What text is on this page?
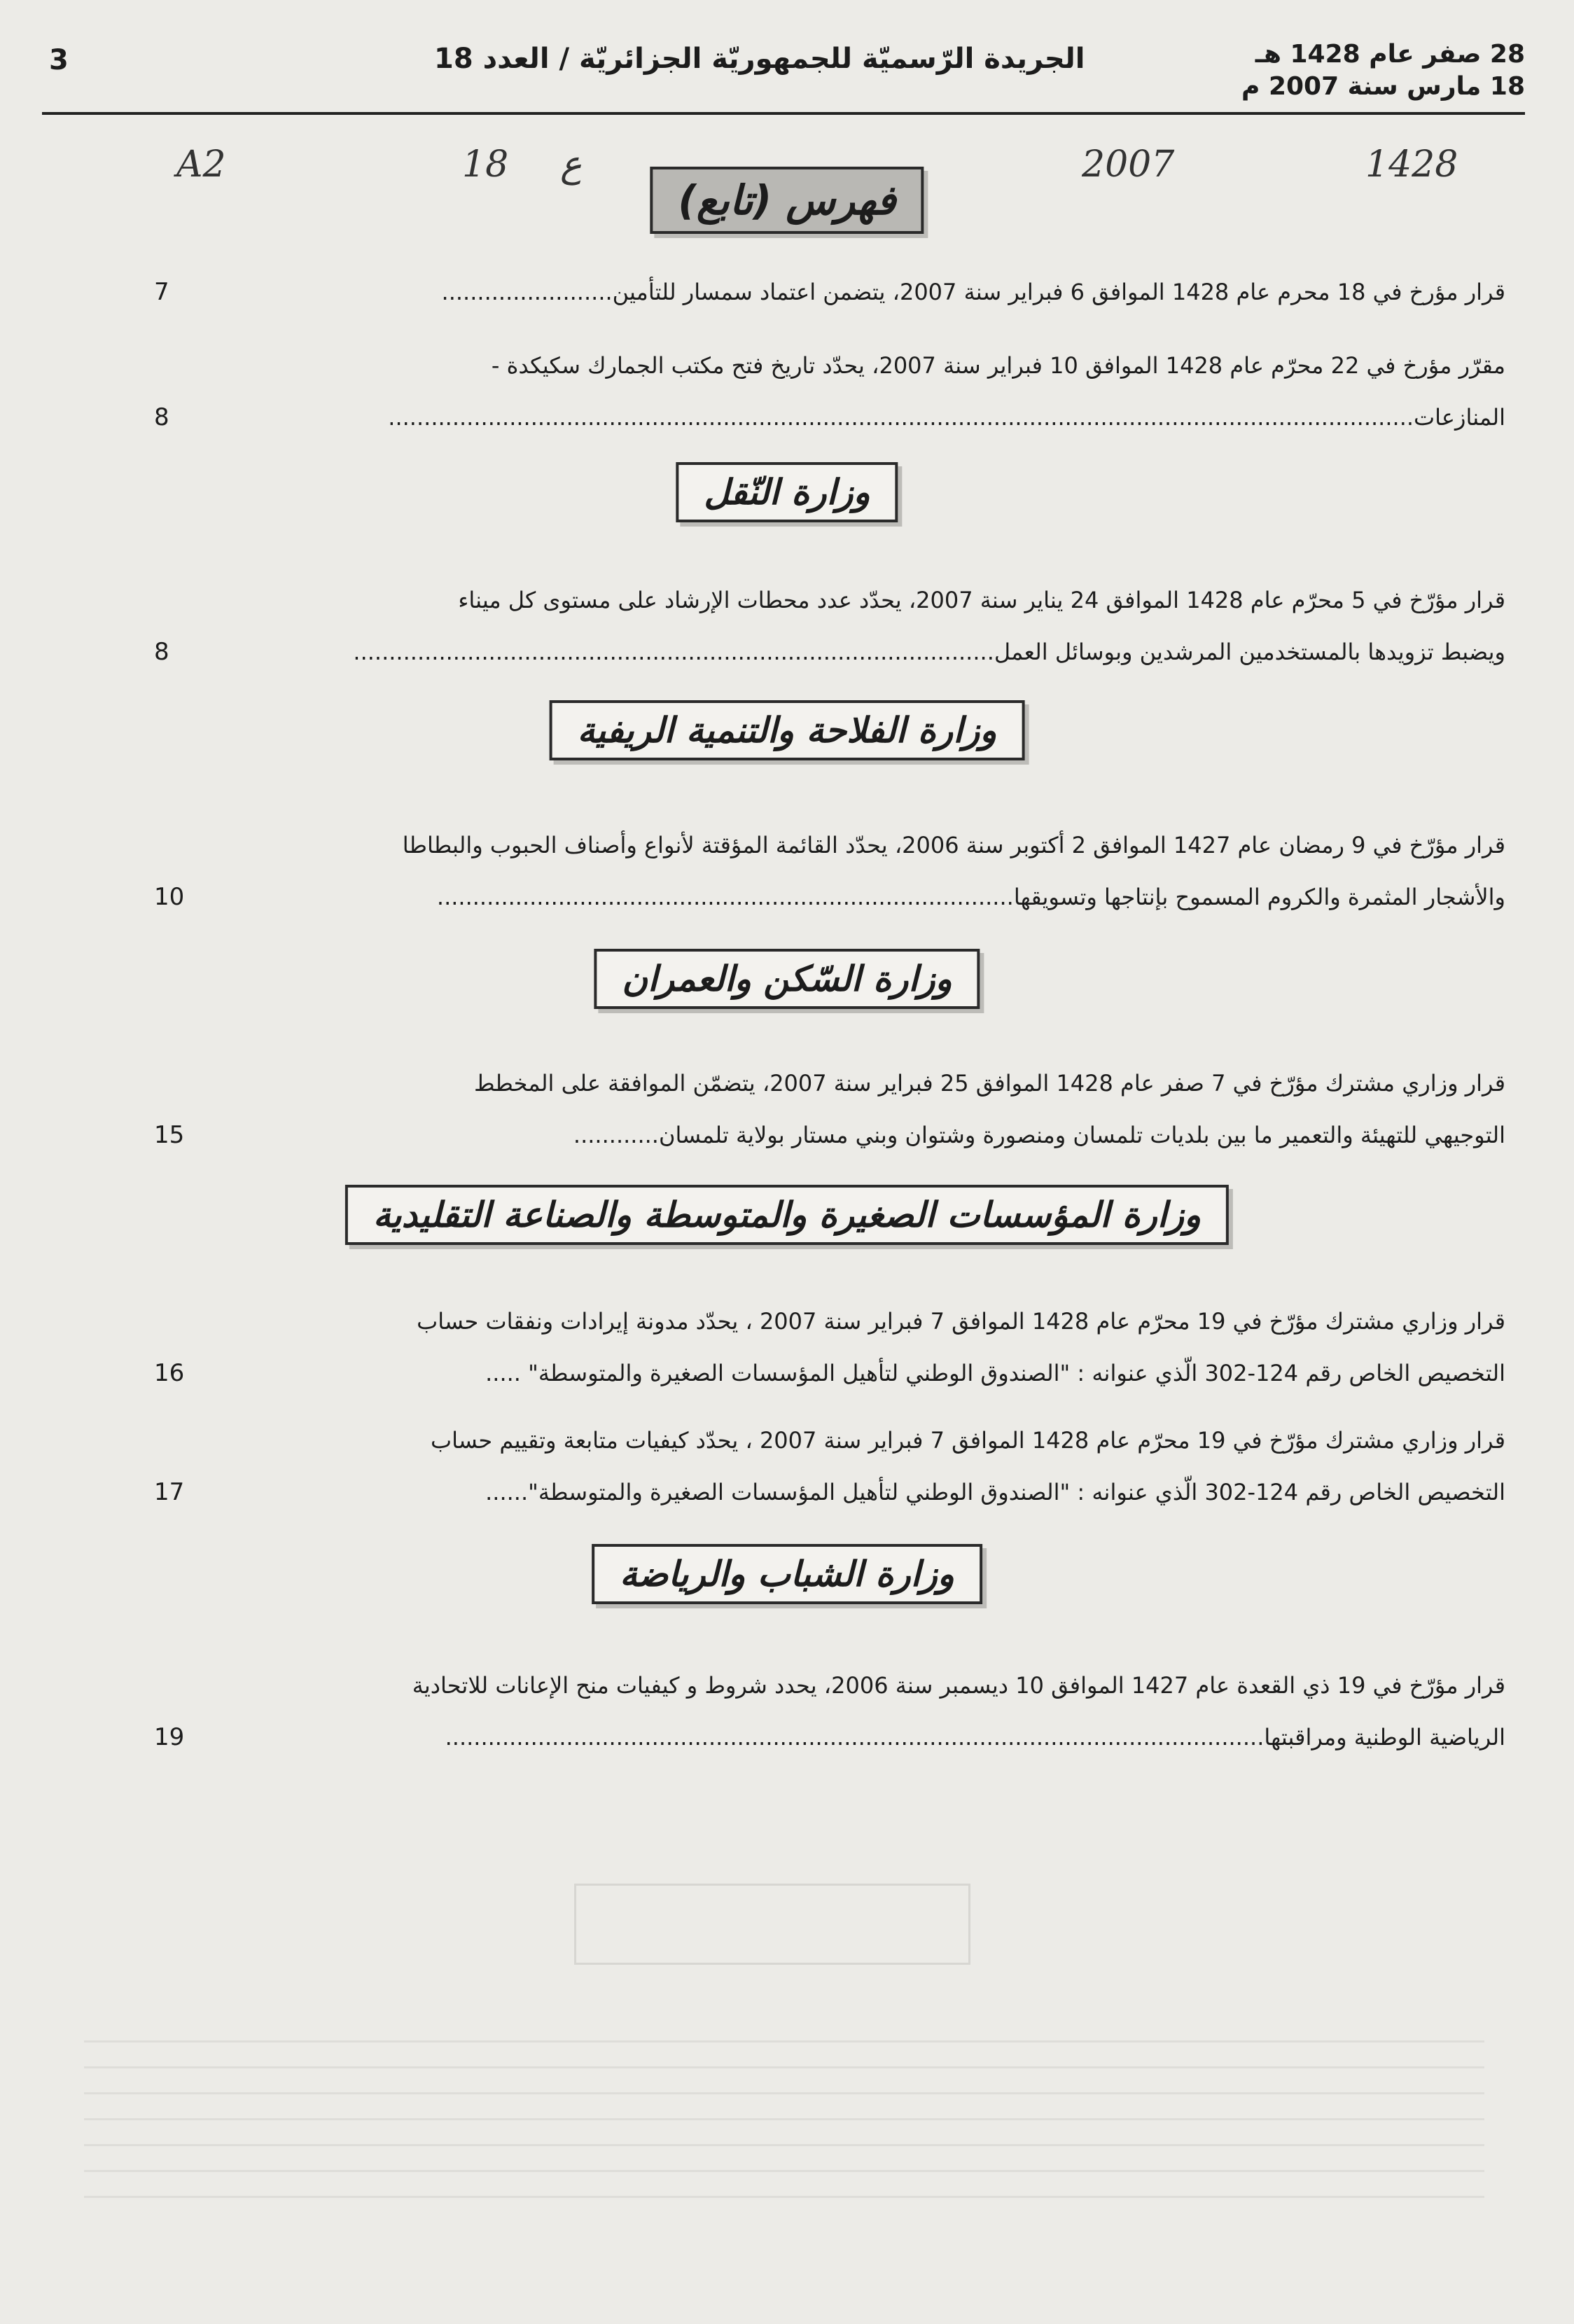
3	الجريدة الرّسميّة للجمهوريّة الجزائريّة / العدد 18	28 صفر عام 1428 هـ
18 مارس سنة 2007 م
A2	18 ع	2007	1428
فهرس (تابع)
قرار مؤرخ في 18 محرم عام 1428 الموافق 6 فبراير سنة 2007، يتضمن اعتماد سمسار للتأمين........................
7
مقرّر مؤرخ في 22 محرّم عام 1428 الموافق 10 فبراير سنة 2007، يحدّد تاريخ فتح مكتب الجمارك سكيكدة -
المنازعات................................................................................................................................................
8
وزارة النّقل
قرار مؤرّخ في 5 محرّم عام 1428 الموافق 24 يناير سنة 2007، يحدّد عدد محطات الإرشاد على مستوى كل ميناء
ويضبط تزويدها بالمستخدمين المرشدين وبوسائل العمل..........................................................................................
8
وزارة الفلاحة والتنمية الريفية
قرار مؤرّخ في 9 رمضان عام 1427 الموافق 2 أكتوبر سنة 2006، يحدّد القائمة المؤقتة لأنواع وأصناف الحبوب والبطاطا
والأشجار المثمرة والكروم المسموح بإنتاجها وتسويقها.................................................................................
10
وزارة السّكن والعمران
قرار وزاري مشترك مؤرّخ في 7 صفر عام 1428 الموافق 25 فبراير سنة 2007، يتضمّن الموافقة على المخطط
التوجيهي للتهيئة والتعمير ما بين بلديات تلمسان ومنصورة وشتوان وبني مستار بولاية تلمسان............
15
وزارة المؤسسات الصغيرة والمتوسطة والصناعة التقليدية
قرار وزاري مشترك مؤرّخ في 19 محرّم عام 1428 الموافق 7 فبراير سنة 2007 ، يحدّد مدونة إيرادات ونفقات حساب
التخصيص الخاص رقم 124-302 الّذي عنوانه : "الصندوق الوطني لتأهيل المؤسسات الصغيرة والمتوسطة" .....
16
قرار وزاري مشترك مؤرّخ في 19 محرّم عام 1428 الموافق 7 فبراير سنة 2007 ، يحدّد كيفيات متابعة وتقييم حساب
التخصيص الخاص رقم 124-302 الّذي عنوانه : "الصندوق الوطني لتأهيل المؤسسات الصغيرة والمتوسطة"......
17
وزارة الشباب والرياضة
قرار مؤرّخ في 19 ذي القعدة عام 1427 الموافق 10 ديسمبر سنة 2006، يحدد شروط و كيفيات منح الإعانات للاتحادية
الرياضية الوطنية ومراقبتها...................................................................................................................
19
